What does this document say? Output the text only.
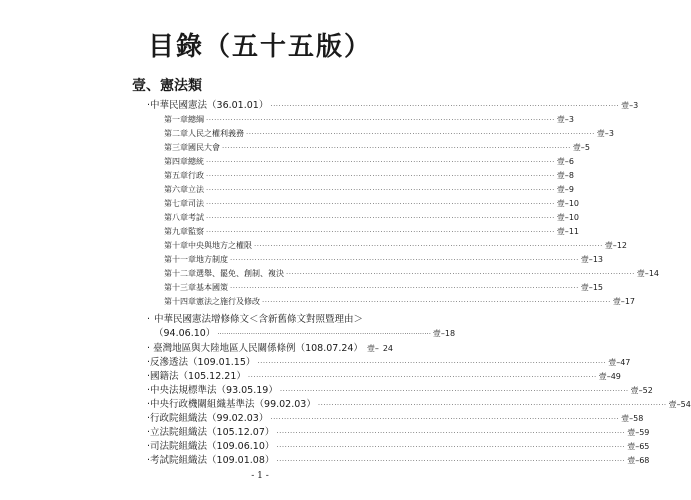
目錄（五十五版）
壹、憲法類
· 中華民國憲法（36.01.01） ·····	壹– 3
第一章 總綱 ·····	壹– 3
第二章 人民之權利義務 ·····	壹– 3
第三章 國民大會 ·····	壹– 5
第四章 總統 ·····	壹– 6
第五章 行政 ·····	壹– 8
第六章 立法 ·····	壹– 9
第七章 司法 ·····	壹– 10
第八章 考試 ·····	壹– 10
第九章 監察 ·····	壹– 11
第十章 中央與地方之權限 ·····	壹– 12
第十一章 地方制度 ·····	壹– 13
第十二章 選舉、罷免、創制、複決 ·····	壹– 14
第十三章 基本國策 ·····	壹– 15
第十四章 憲法之施行及修改 ·····	壹– 17
· 中華民國憲法增修條文＜含新舊條文對照暨理由＞
（94.06.10） ································································································ 壹– 18
· 臺灣地區與大陸地區人民關係條例（108.07.24） 壹– 24
· 反滲透法（109.01.15） ·····	壹– 47
· 國籍法（105.12.21） ·····	壹– 49
· 中央法規標準法（93.05.19） ·····	壹– 52
· 中央行政機關組織基準法（99.02.03） ·····	壹– 54
· 行政院組織法（99.02.03） ·····	壹– 58
· 立法院組織法（105.12.07） ·····	壹– 59
· 司法院組織法（109.06.10） ·····	壹– 65
· 考試院組織法（109.01.08） ·····	壹– 68
- 1 -
